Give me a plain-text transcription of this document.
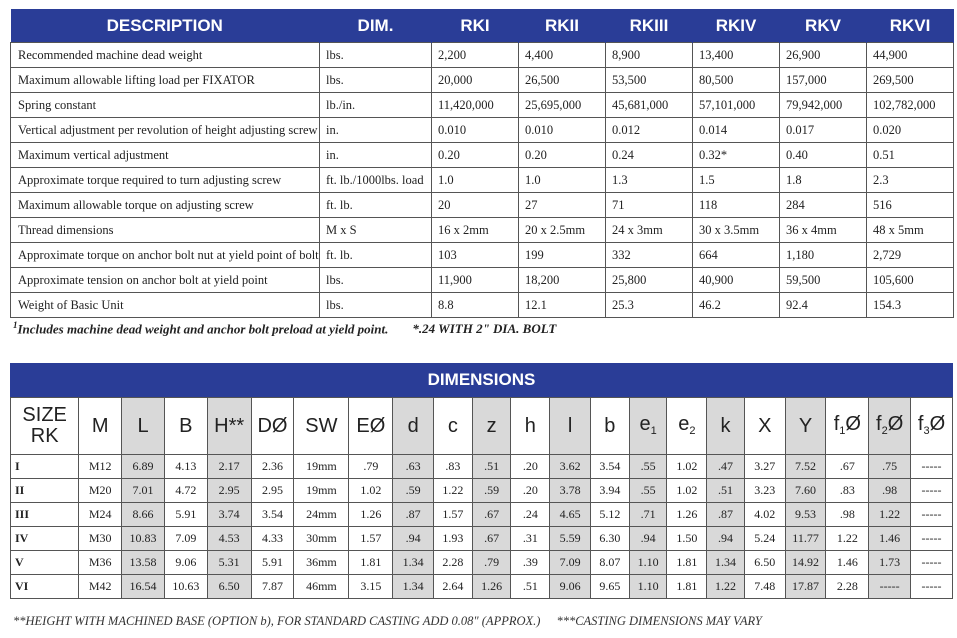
DESCRIPTION	DIM.	RKI	RKII	RKIII	RKIV	RKV	RKVI
Recommended machine dead weight	lbs.	2,200	4,400	8,900	13,400	26,900	44,900
Maximum allowable lifting load per FIXATOR	lbs.	20,000	26,500	53,500	80,500	157,000	269,500
Spring constant	lb./in.	11,420,000	25,695,000	45,681,000	57,101,000	79,942,000	102,782,000
Vertical adjustment per revolution of height adjusting screw	in.	0.010	0.010	0.012	0.014	0.017	0.020
Maximum vertical adjustment	in.	0.20	0.20	0.24	0.32*	0.40	0.51
Approximate torque required to turn adjusting screw	ft. lb./1000lbs. load	1.0	1.0	1.3	1.5	1.8	2.3
Maximum allowable torque on adjusting screw	ft. lb.	20	27	71	118	284	516
Thread dimensions	M x S	16 x 2mm	20 x 2.5mm	24 x 3mm	30 x 3.5mm	36 x 4mm	48 x 5mm
Approximate torque on anchor bolt nut at yield point of bolt	ft. lb.	103	199	332	664	1,180	2,729
Approximate tension on anchor bolt at yield point	lbs.	11,900	18,200	25,800	40,900	59,500	105,600
Weight of Basic Unit	lbs.	8.8	12.1	25.3	46.2	92.4	154.3
$^1$Includes machine dead weight and anchor bolt preload at yield point. *.24 WITH 2" DIA. BOLT
DIMENSIONS
SIZE
RK	M	L	B	H**	DØ	SW	EØ	d	c	z	h	l	b	$e_1$	$e_2$	k	X	Y	$f_1Ø$	$f_2Ø$	$f_3Ø$
I	M12	6.89	4.13	2.17	2.36	19mm	.79	.63	.83	.51	.20	3.62	3.54	.55	1.02	.47	3.27	7.52	.67	.75	-----
II	M20	7.01	4.72	2.95	2.95	19mm	1.02	.59	1.22	.59	.20	3.78	3.94	.55	1.02	.51	3.23	7.60	.83	.98	-----
III	M24	8.66	5.91	3.74	3.54	24mm	1.26	.87	1.57	.67	.24	4.65	5.12	.71	1.26	.87	4.02	9.53	.98	1.22	-----
IV	M30	10.83	7.09	4.53	4.33	30mm	1.57	.94	1.93	.67	.31	5.59	6.30	.94	1.50	.94	5.24	11.77	1.22	1.46	-----
V	M36	13.58	9.06	5.31	5.91	36mm	1.81	1.34	2.28	.79	.39	7.09	8.07	1.10	1.81	1.34	6.50	14.92	1.46	1.73	-----
VI	M42	16.54	10.63	6.50	7.87	46mm	3.15	1.34	2.64	1.26	.51	9.06	9.65	1.10	1.81	1.22	7.48	17.87	2.28	-----	-----
**HEIGHT WITH MACHINED BASE (OPTION b), FOR STANDARD CASTING ADD 0.08" (APPROX.) ***CASTING DIMENSIONS MAY VARY
